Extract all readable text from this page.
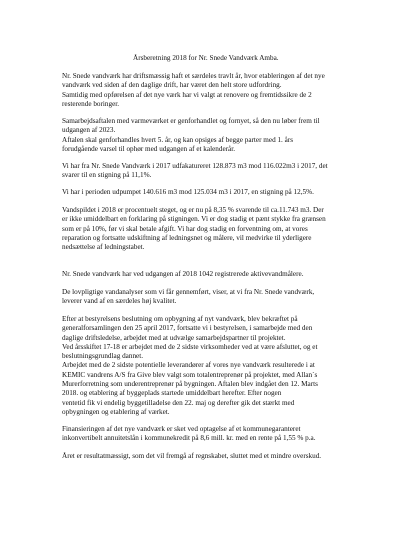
Årsberetning 2018 for Nr. Snede Vandværk Amba.

Nr. Snede vandværk har driftsmæssig haft et særdeles travlt år, hvor etableringen af det nye
vandværk ved siden af den daglige drift, har været den helt store udfordring.
Samtidig med opførelsen af det nye værk har vi valgt at renovere og fremtidssikre de 2
resterende boringer.

Samarbejdsaftalen med varmeværket er genforhandlet og fornyet, så den nu løber frem til
udgangen af 2023.
Aftalen skal genforhandles hvert 5. år, og kan opsiges af begge parter med 1. års
forudgående varsel til ophør med udgangen af et kalenderår.

Vi har fra Nr. Snede Vandværk i 2017 udfakatureret 128.873 m3 mod 116.022m3 i 2017, det
svarer til en stigning på 11,1%.

Vi har i perioden udpumpet 140.616 m3 mod 125.034 m3 i 2017, en stigning på 12,5%.

Vandspildet i 2018 er procentuelt steget, og er nu på 8,35 % svarende til ca.11.743 m3. Der
er ikke umiddelbart en forklaring på stigningen. Vi er dog stadig et pænt stykke fra grænsen
som er på 10%, før vi skal betale afgift. Vi har dog stadig en forventning om, at vores
reparation og fortsatte udskiftning af ledningsnet og målere, vil medvirke til yderligere
nedsættelse af ledningstabet.

Nr. Snede vandværk har ved udgangen af 2018 1042 registrerede aktivevandmålere.

De lovpligtige vandanalyser som vi får gennemført, viser, at vi fra Nr. Snede vandværk,
leverer vand af en særdeles høj kvalitet.

Efter at bestyrelsens beslutning om opbygning af nyt vandværk, blev bekræftet på
generalforsamlingen den 25 april 2017, fortsatte vi i bestyrelsen, i samarbejde med den
daglige driftsledelse, arbejdet med at udvælge samarbejdspartner til projektet.
Ved årsskiftet 17-18 er arbejdet med de 2 sidste virksomheder ved at være afsluttet, og et
beslutningsgrundlag dannet.
Arbejdet med de 2 sidste potentielle leverandører af vores nye vandværk resulterede i at
KEMIC vandrens A/S fra Give blev valgt som totalentreprenør på projektet, med Allan´s
Murerforretning som underentreprenør på bygningen. Aftalen blev indgået den 12. Marts
2018. og etablering af byggeplads startede umiddelbart herefter. Efter nogen
ventetid fik vi endelig byggetilladelse den 22. maj og derefter gik det stærkt med
opbygningen og etablering af værket.

Finansieringen af det nye vandværk er sket ved optagelse af et kommunegaranteret
inkonvertibelt annuitetslån i kommunekredit på 8,6 mill. kr. med en rente på 1,55 % p.a.

Året er resultatmæssigt, som det vil fremgå af regnskabet, sluttet med et mindre overskud.
